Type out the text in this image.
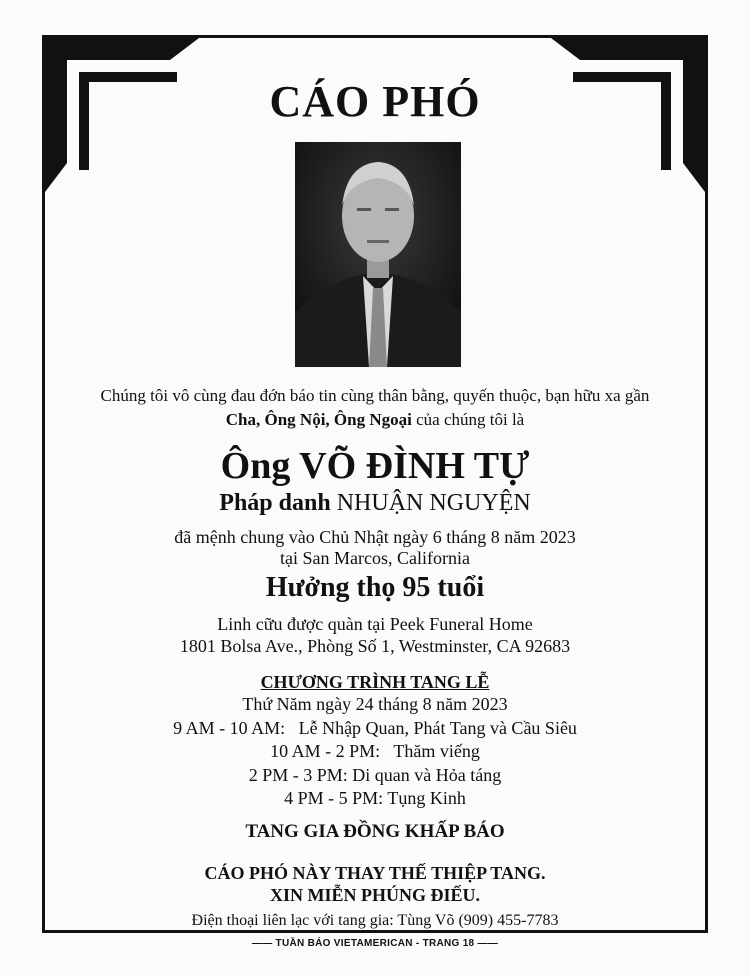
CÁO PHÓ
Chúng tôi vô cùng đau đớn báo tin cùng thân bằng, quyến thuộc, bạn hữu xa gần
Cha, Ông Nội, Ông Ngoại của chúng tôi là
Ông VÕ ĐÌNH TỰ
Pháp danh NHUẬN NGUYỆN
đã mệnh chung vào Chủ Nhật ngày 6 tháng 8 năm 2023
tại San Marcos, California
Hưởng thọ 95 tuổi
Linh cữu được quàn tại Peek Funeral Home
1801 Bolsa Ave., Phòng Số 1, Westminster, CA 92683
CHƯƠNG TRÌNH TANG LỄ
Thứ Năm ngày 24 tháng 8 năm 2023
9 AM - 10 AM:   Lễ Nhập Quan, Phát Tang và Cầu Siêu
10 AM - 2 PM:   Thăm viếng
2 PM - 3 PM: Di quan và Hỏa táng
4 PM - 5 PM: Tụng Kinh
TANG GIA ĐỒNG KHẤP BÁO
CÁO PHÓ NÀY THAY THẾ THIỆP TANG.
XIN MIỄN PHÚNG ĐIẾU.
Điện thoại liên lạc với tang gia: Tùng Võ (909) 455-7783
—— TUẦN BÁO VIETAMERICAN - TRANG 18 ——
